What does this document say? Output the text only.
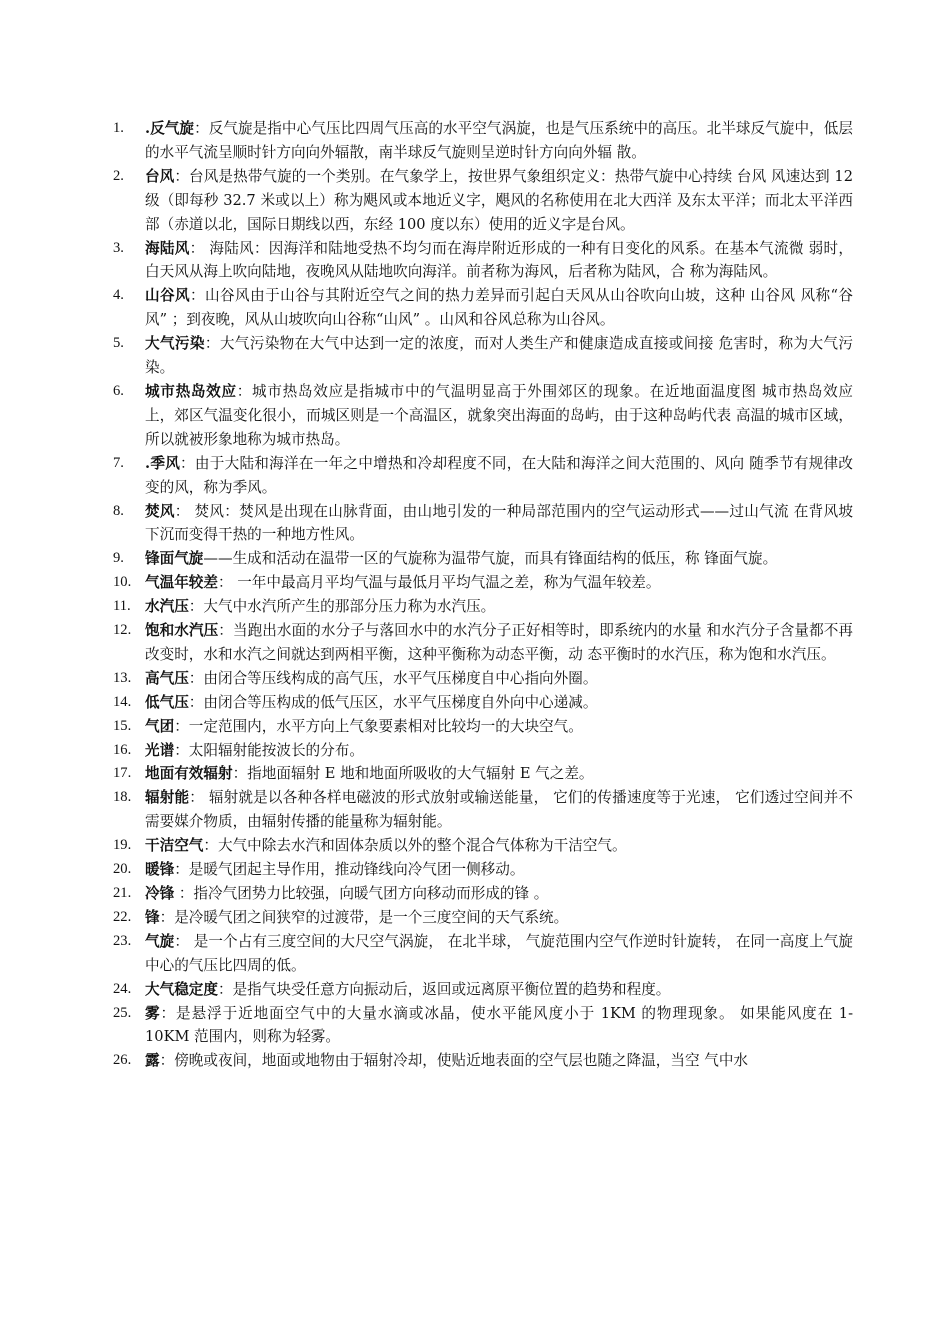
1.	.反气旋：反气旋是指中心气压比四周气压高的水平空气涡旋，也是气压系统中的高压。北半球反气旋中，低层的水平气流呈顺时针方向向外辐散，南半球反气旋则呈逆时针方向向外辐 散。
2.	台风：台风是热带气旋的一个类别。在气象学上，按世界气象组织定义：热带气旋中心持续 台风 风速达到 12 级（即每秒 32.7 米或以上）称为飓风或本地近义字，飓风的名称使用在北大西洋 及东太平洋；而北太平洋西部（赤道以北，国际日期线以西，东经 100 度以东）使用的近义字是台风。
3.	海陆风： 海陆风：因海洋和陆地受热不均匀而在海岸附近形成的一种有日变化的风系。在基本气流微 弱时，白天风从海上吹向陆地，夜晚风从陆地吹向海洋。前者称为海风，后者称为陆风，合 称为海陆风。
4.	山谷风：山谷风由于山谷与其附近空气之间的热力差异而引起白天风从山谷吹向山坡，这种 山谷风 风称“谷风” ；到夜晚，风从山坡吹向山谷称“山风” 。山风和谷风总称为山谷风。
5.	大气污染：大气污染物在大气中达到一定的浓度，而对人类生产和健康造成直接或间接 危害时，称为大气污染。
6.	城市热岛效应：城市热岛效应是指城市中的气温明显高于外围郊区的现象。在近地面温度图 城市热岛效应 上，郊区气温变化很小，而城区则是一个高温区，就象突出海面的岛屿，由于这种岛屿代表 高温的城市区域，所以就被形象地称为城市热岛。
7.	.季风：由于大陆和海洋在一年之中增热和冷却程度不同，在大陆和海洋之间大范围的、风向 随季节有规律改变的风，称为季风。
8.	焚风： 焚风：焚风是出现在山脉背面，由山地引发的一种局部范围内的空气运动形式——过山气流 在背风坡下沉而变得干热的一种地方性风。
9.	锋面气旋——生成和活动在温带一区的气旋称为温带气旋，而具有锋面结构的低压，称 锋面气旋。
10. 气温年较差： 一年中最高月平均气温与最低月平均气温之差，称为气温年较差。
11. 水汽压：大气中水汽所产生的那部分压力称为水汽压。
12. 饱和水汽压：当跑出水面的水分子与落回水中的水汽分子正好相等时，即系统内的水量 和水汽分子含量都不再改变时，水和水汽之间就达到两相平衡，这种平衡称为动态平衡，动 态平衡时的水汽压，称为饱和水汽压。
13. 高气压：由闭合等压线构成的高气压，水平气压梯度自中心指向外圈。
14. 低气压：由闭合等压构成的低气压区，水平气压梯度自外向中心递减。
15. 气团：一定范围内，水平方向上气象要素相对比较均一的大块空气。
16. 光谱：太阳辐射能按波长的分布。
17. 地面有效辐射：指地面辐射 E 地和地面所吸收的大气辐射 E 气之差。
18. 辐射能： 辐射就是以各种各样电磁波的形式放射或输送能量， 它们的传播速度等于光速， 它们透过空间并不需要媒介物质，由辐射传播的能量称为辐射能。
19. 干洁空气：大气中除去水汽和固体杂质以外的整个混合气体称为干洁空气。
20. 暖锋：是暖气团起主导作用，推动锋线向冷气团一侧移动。
21. 冷锋 ：指冷气团势力比较强，向暖气团方向移动而形成的锋 。
22. 锋：是冷暖气团之间狭窄的过渡带，是一个三度空间的天气系统。
23. 气旋： 是一个占有三度空间的大尺空气涡旋， 在北半球， 气旋范围内空气作逆时针旋转， 在同一高度上气旋中心的气压比四周的低。
24. 大气稳定度：是指气块受任意方向振动后，返回或远离原平衡位置的趋势和程度。
25. 雾：是悬浮于近地面空气中的大量水滴或冰晶，使水平能风度小于 1KM 的物理现象。 如果能风度在 1-10KM 范围内，则称为轻雾。
26. 露：傍晚或夜间，地面或地物由于辐射冷却，使贴近地表面的空气层也随之降温，当空 气中水
